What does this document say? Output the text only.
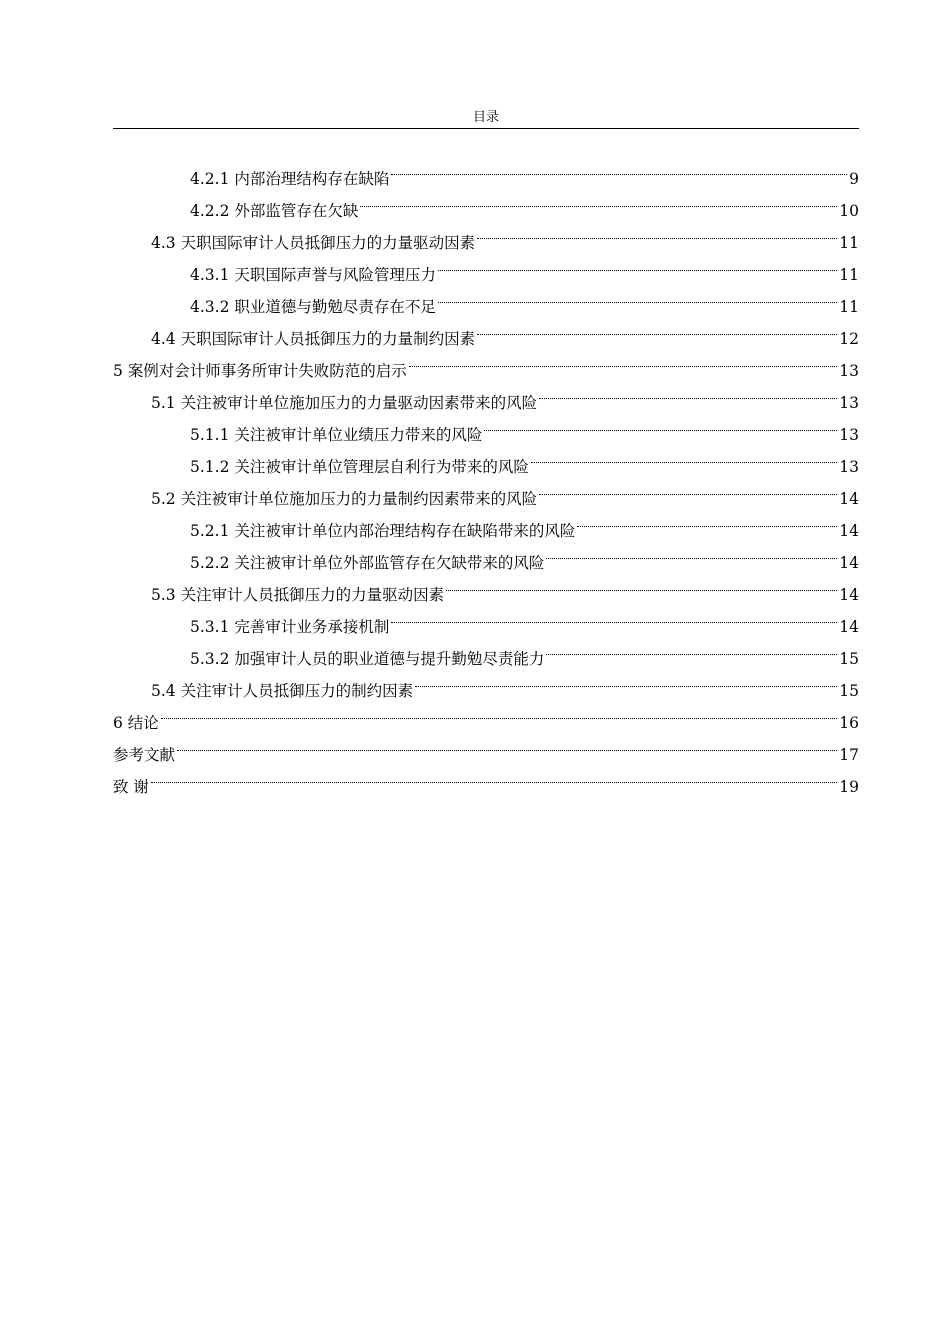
目录
4.2.1 内部治理结构存在缺陷	9
4.2.2 外部监管存在欠缺	10
4.3 天职国际审计人员抵御压力的力量驱动因素	11
4.3.1 天职国际声誉与风险管理压力	11
4.3.2 职业道德与勤勉尽责存在不足	11
4.4 天职国际审计人员抵御压力的力量制约因素	12
5 案例对会计师事务所审计失败防范的启示	13
5.1 关注被审计单位施加压力的力量驱动因素带来的风险	13
5.1.1 关注被审计单位业绩压力带来的风险	13
5.1.2 关注被审计单位管理层自利行为带来的风险	13
5.2 关注被审计单位施加压力的力量制约因素带来的风险	14
5.2.1 关注被审计单位内部治理结构存在缺陷带来的风险	14
5.2.2 关注被审计单位外部监管存在欠缺带来的风险	14
5.3 关注审计人员抵御压力的力量驱动因素	14
5.3.1 完善审计业务承接机制	14
5.3.2 加强审计人员的职业道德与提升勤勉尽责能力	15
5.4 关注审计人员抵御压力的制约因素	15
6 结论	16
参考文献	17
致 谢	19
